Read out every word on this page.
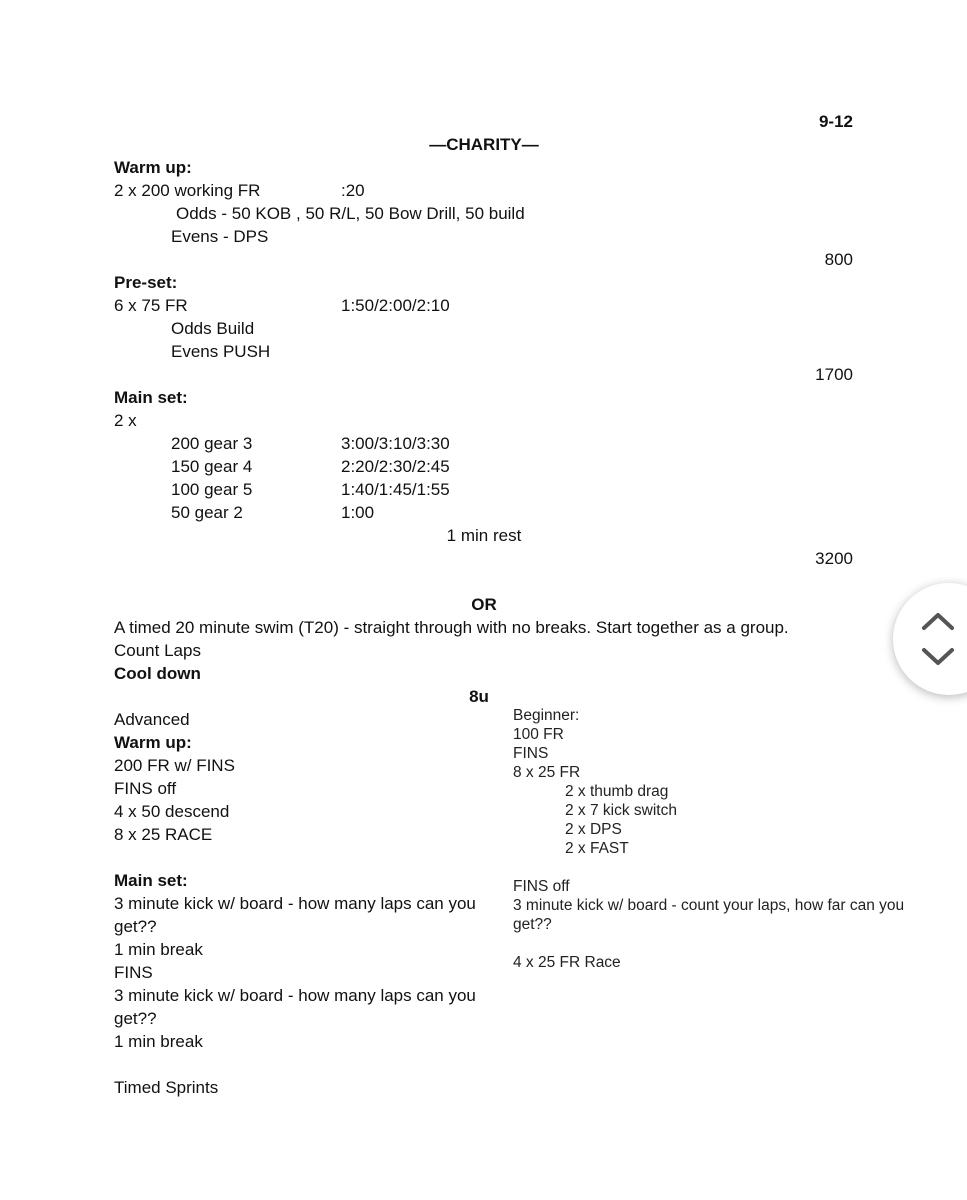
9-12
—CHARITY—
Warm up:
2 x 200 working FR	:20
Odds - 50 KOB , 50 R/L, 50 Bow Drill, 50 build
Evens - DPS
800
Pre-set:
6 x 75 FR	1:50/2:00/2:10
Odds Build
Evens PUSH
1700
Main set:
2 x
200 gear 3	3:00/3:10/3:30
150 gear 4	2:20/2:30/2:45
100 gear 5	1:40/1:45/1:55
50 gear 2	1:00
1 min rest
3200
OR
A timed 20 minute swim (T20) - straight through with no breaks. Start together as a group.
Count Laps
Cool down
8u
Advanced
Warm up:
200 FR w/ FINS
FINS off
4 x 50 descend
8 x 25 RACE
Main set:
3 minute kick w/ board - how many laps can you
get??
1 min break
FINS
3 minute kick w/ board - how many laps can you
get??
1 min break
Timed Sprints
Beginner:
100 FR
FINS
8 x 25 FR
2 x thumb drag
2 x 7 kick switch
2 x DPS
2 x FAST
FINS off
3 minute kick w/ board - count your laps, how far can you
get??
4 x 25 FR Race
